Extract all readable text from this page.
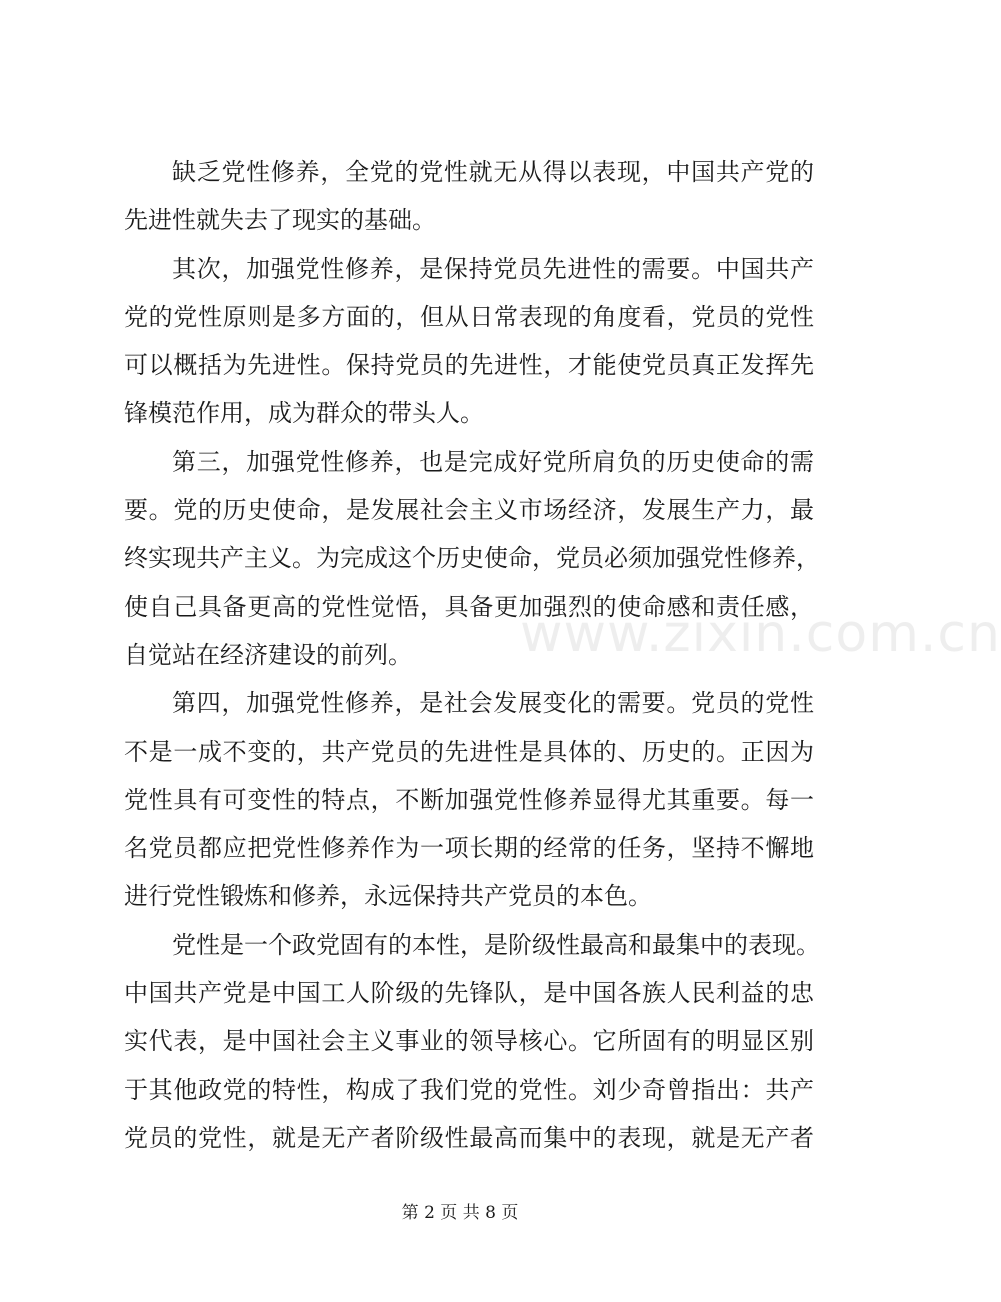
缺乏党性修养，全党的党性就无从得以表现，中国共产党的
先进性就失去了现实的基础。
其次，加强党性修养，是保持党员先进性的需要。中国共产
党的党性原则是多方面的，但从日常表现的角度看，党员的党性
可以概括为先进性。保持党员的先进性，才能使党员真正发挥先
锋模范作用，成为群众的带头人。
第三，加强党性修养，也是完成好党所肩负的历史使命的需
要。党的历史使命，是发展社会主义市场经济，发展生产力，最
终实现共产主义。为完成这个历史使命，党员必须加强党性修养，
使自己具备更高的党性觉悟，具备更加强烈的使命感和责任感，
自觉站在经济建设的前列。
第四，加强党性修养，是社会发展变化的需要。党员的党性
不是一成不变的，共产党员的先进性是具体的、历史的。正因为
党性具有可变性的特点，不断加强党性修养显得尤其重要。每一
名党员都应把党性修养作为一项长期的经常的任务，坚持不懈地
进行党性锻炼和修养，永远保持共产党员的本色。
党性是一个政党固有的本性，是阶级性最高和最集中的表现。
中国共产党是中国工人阶级的先锋队，是中国各族人民利益的忠
实代表，是中国社会主义事业的领导核心。它所固有的明显区别
于其他政党的特性，构成了我们党的党性。刘少奇曾指出：共产
党员的党性，就是无产者阶级性最高而集中的表现，就是无产者
www.zixin.com.cn
第 2 页 共 8 页
